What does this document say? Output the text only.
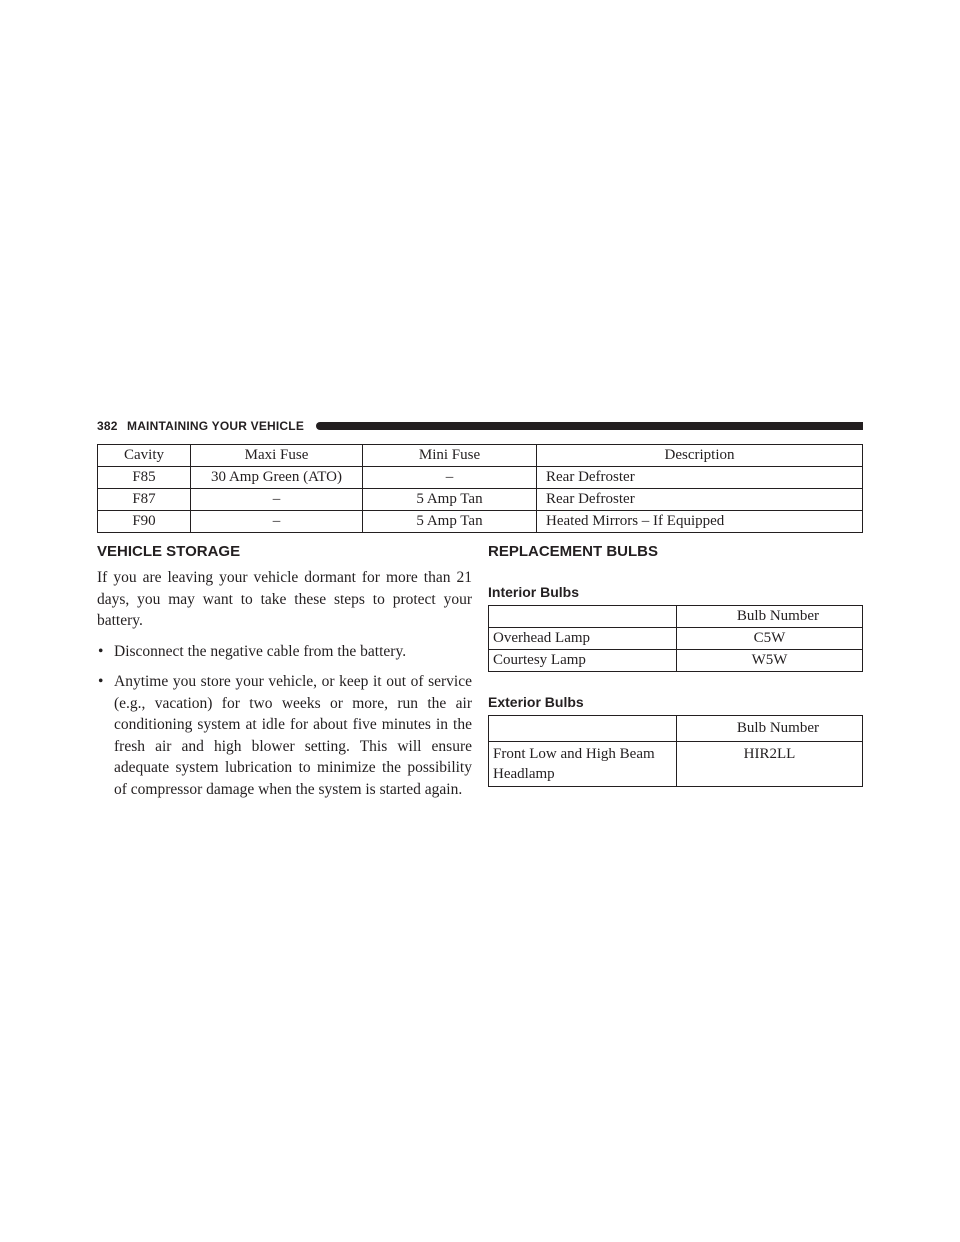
382 MAINTAINING YOUR VEHICLE
Cavity	Maxi Fuse	Mini Fuse	Description
F85	30 Amp Green (ATO)	–	Rear Defroster
F87	–	5 Amp Tan	Rear Defroster
F90	–	5 Amp Tan	Heated Mirrors – If Equipped
VEHICLE STORAGE

If you are leaving your vehicle dormant for more than 21 days, you may want to take these steps to protect your battery.

• Disconnect the negative cable from the battery.
• Anytime you store your vehicle, or keep it out of service (e.g., vacation) for two weeks or more, run the air conditioning system at idle for about five minutes in the fresh air and high blower setting. This will ensure adequate system lubrication to minimize the possibility of compressor damage when the system is started again.
REPLACEMENT BULBS
Interior Bulbs
	Bulb Number
Overhead Lamp	C5W
Courtesy Lamp	W5W
Exterior Bulbs
	Bulb Number
Front Low and High Beam Headlamp	HIR2LL
